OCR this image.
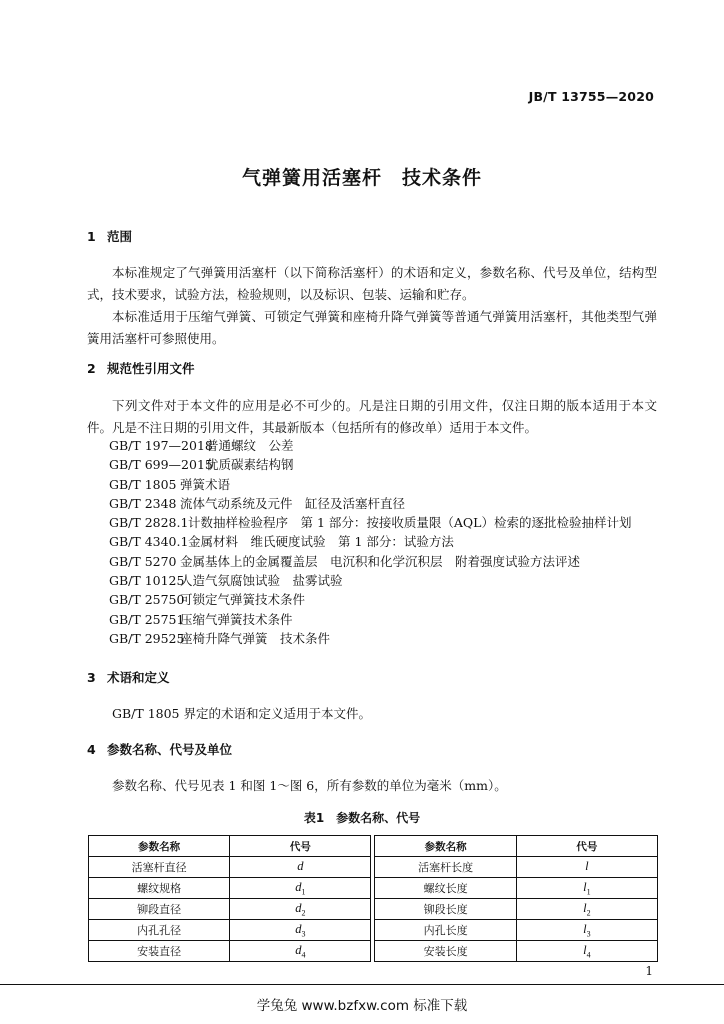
JB/T 13755—2020
气弹簧用活塞杆　技术条件
1 范围
本标准规定了气弹簧用活塞杆（以下简称活塞杆）的术语和定义，参数名称、代号及单位，结构型式，技术要求，试验方法，检验规则，以及标识、包装、运输和贮存。
本标准适用于压缩气弹簧、可锁定气弹簧和座椅升降气弹簧等普通气弹簧用活塞杆，其他类型气弹簧用活塞杆可参照使用。
2 规范性引用文件
下列文件对于本文件的应用是必不可少的。凡是注日期的引用文件，仅注日期的版本适用于本文件。凡是不注日期的引用文件，其最新版本（包括所有的修改单）适用于本文件。
GB/T 197—2018普通螺纹　公差
GB/T 699—2015优质碳素结构钢
GB/T 1805 弹簧术语
GB/T 2348 流体气动系统及元件　缸径及活塞杆直径
GB/T 2828.1计数抽样检验程序　第 1 部分：按接收质量限（AQL）检索的逐批检验抽样计划
GB/T 4340.1金属材料　维氏硬度试验　第 1 部分：试验方法
GB/T 5270 金属基体上的金属覆盖层　电沉积和化学沉积层　附着强度试验方法评述
GB/T 10125人造气氛腐蚀试验　盐雾试验
GB/T 25750可锁定气弹簧技术条件
GB/T 25751压缩气弹簧技术条件
GB/T 29525座椅升降气弹簧　技术条件
3 术语和定义
GB/T 1805 界定的术语和定义适用于本文件。
4 参数名称、代号及单位
参数名称、代号见表 1 和图 1～图 6，所有参数的单位为毫米（mm）。
表1　参数名称、代号
参数名称	代号		参数名称	代号
活塞杆直径	d		活塞杆长度	l
螺纹规格	$d_1$		螺纹长度	$l_1$
铆段直径	$d_2$		铆段长度	$l_2$
内孔孔径	$d_3$		内孔长度	$l_3$
安装直径	$d_4$		安装长度	$l_4$
1
学兔兔 www.bzfxw.com 标准下载
